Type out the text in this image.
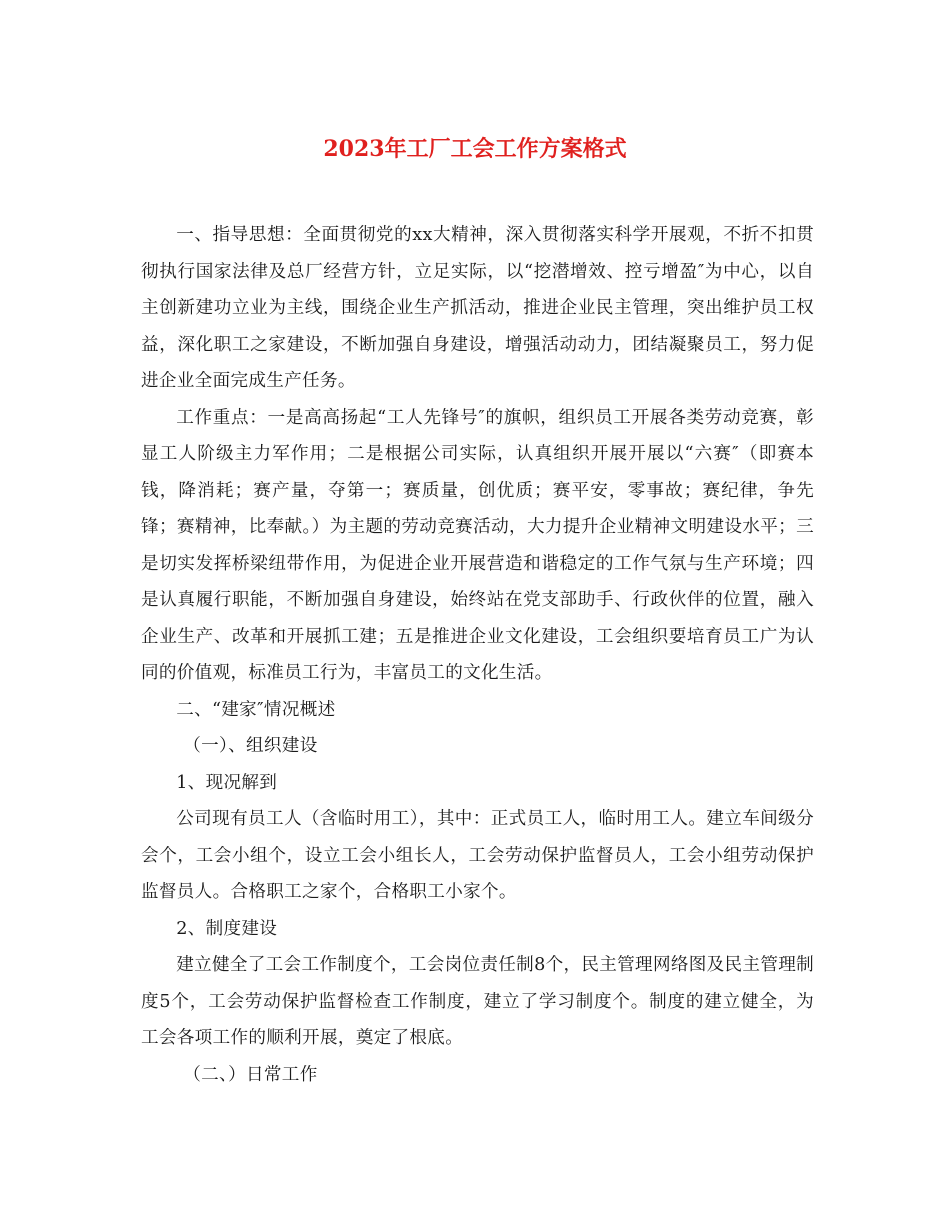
2023年工厂工会工作方案格式

一、指导思想：全面贯彻党的xx大精神，深入贯彻落实科学开展观，不折不扣贯彻执行国家法律及总厂经营方针，立足实际，以“挖潜增效、控亏增盈″为中心，以自主创新建功立业为主线，围绕企业生产抓活动，推进企业民主管理，突出维护员工权益，深化职工之家建设，不断加强自身建设，增强活动动力，团结凝聚员工，努力促进企业全面完成生产任务。

工作重点：一是高高扬起“工人先锋号″的旗帜，组织员工开展各类劳动竞赛，彰显工人阶级主力军作用；二是根据公司实际，认真组织开展开展以“六赛″（即赛本钱，降消耗；赛产量，夺第一；赛质量，创优质；赛平安，零事故；赛纪律，争先锋；赛精神，比奉献。）为主题的劳动竞赛活动，大力提升企业精神文明建设水平；三是切实发挥桥梁纽带作用，为促进企业开展营造和谐稳定的工作气氛与生产环境；四是认真履行职能，不断加强自身建设，始终站在党支部助手、行政伙伴的位置，融入企业生产、改革和开展抓工建；五是推进企业文化建设，工会组织要培育员工广为认同的价值观，标准员工行为，丰富员工的文化生活。

二、“建家″情况概述

（一）、组织建设

1、现况解到

公司现有员工人（含临时用工），其中：正式员工人，临时用工人。建立车间级分会个，工会小组个，设立工会小组长人，工会劳动保护监督员人，工会小组劳动保护监督员人。合格职工之家个，合格职工小家个。

2、制度建设

建立健全了工会工作制度个，工会岗位责任制8个，民主管理网络图及民主管理制度5个，工会劳动保护监督检查工作制度，建立了学习制度个。制度的建立健全，为工会各项工作的顺利开展，奠定了根底。

（二、）日常工作
